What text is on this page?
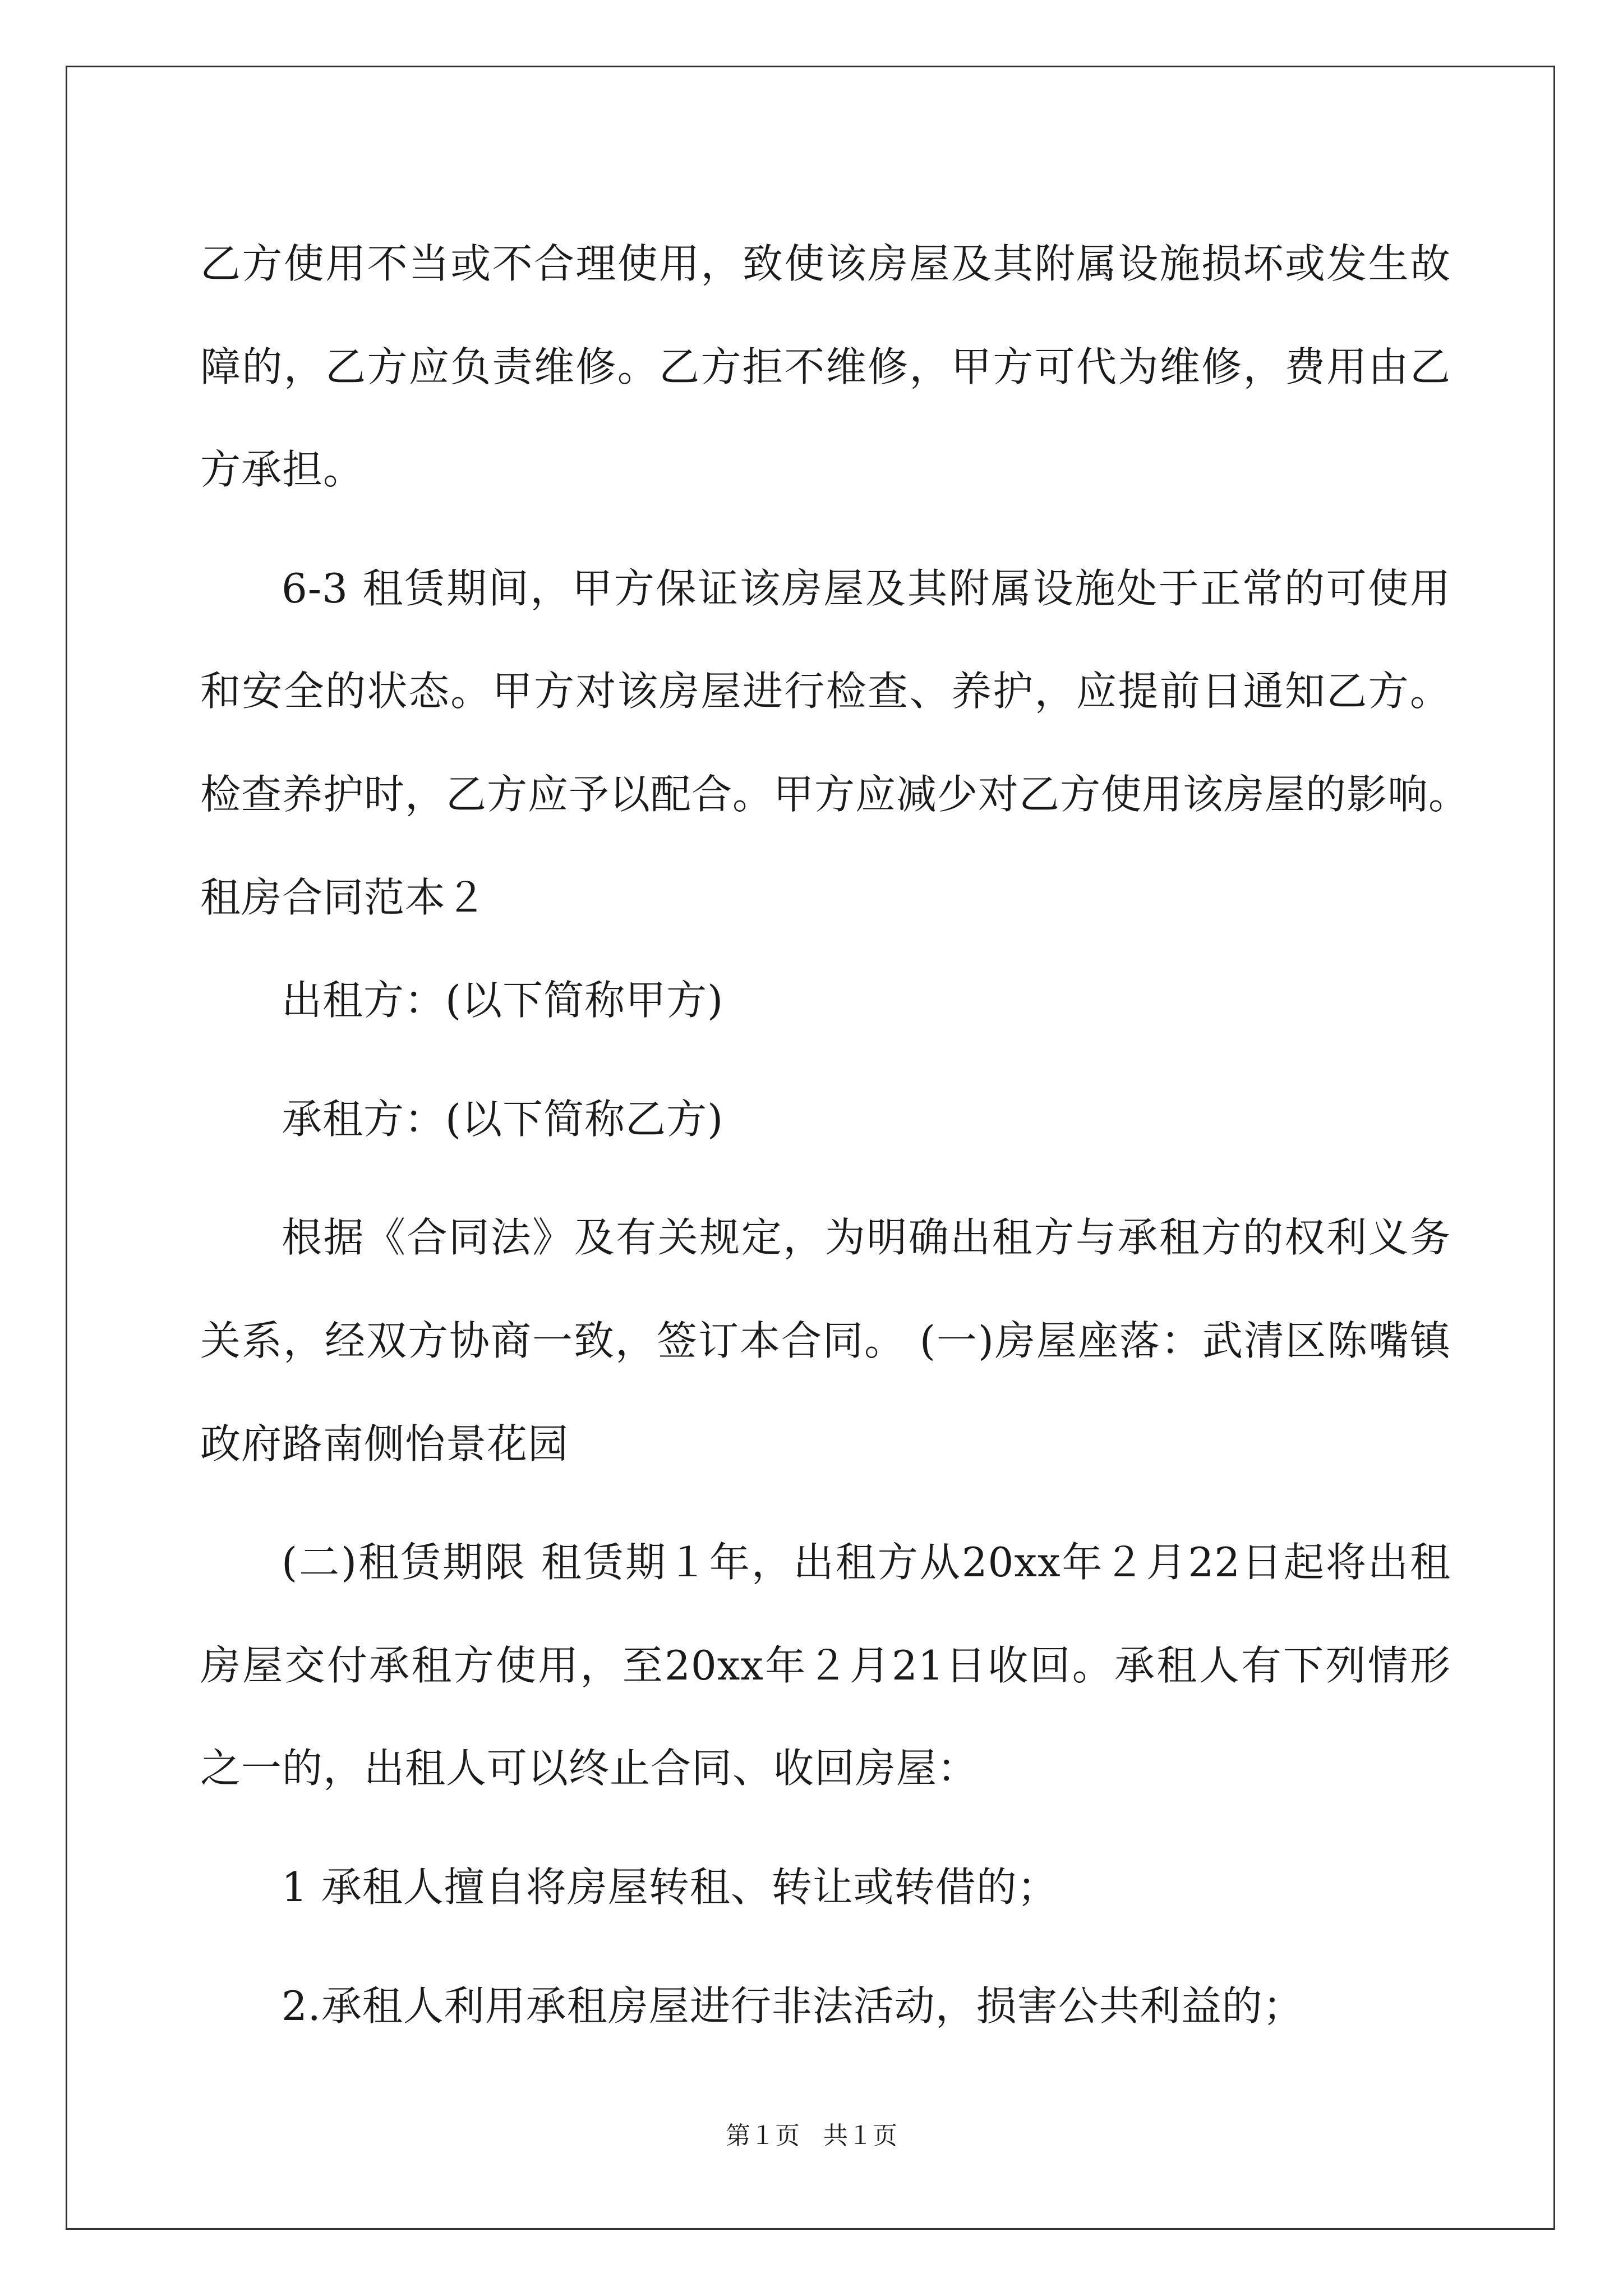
乙方使用不当或不合理使用，致使该房屋及其附属设施损坏或发生故
障的，乙方应负责维修。乙方拒不维修，甲方可代为维修，费用由乙
方承担。
6-3 租赁期间，甲方保证该房屋及其附属设施处于正常的可使用
和安全的状态。甲方对该房屋进行检查、养护，应提前日通知乙方。
检查养护时，乙方应予以配合。甲方应减少对乙方使用该房屋的影响。
租房合同范本２
出租方：(以下简称甲方)
承租方：(以下简称乙方)
根据《合同法》及有关规定，为明确出租方与承租方的权利义务
关系，经双方协商一致，签订本合同。 (一)房屋座落：武清区陈嘴镇
政府路南侧怡景花园
(二)租赁期限 租赁期１年，出租方从20xx年２月22日起将出租
房屋交付承租方使用，至20xx年２月21日收回。承租人有下列情形
之一的，出租人可以终止合同、收回房屋：
1 承租人擅自将房屋转租、转让或转借的；
2.承租人利用承租房屋进行非法活动，损害公共利益的；
第１页 共１页
